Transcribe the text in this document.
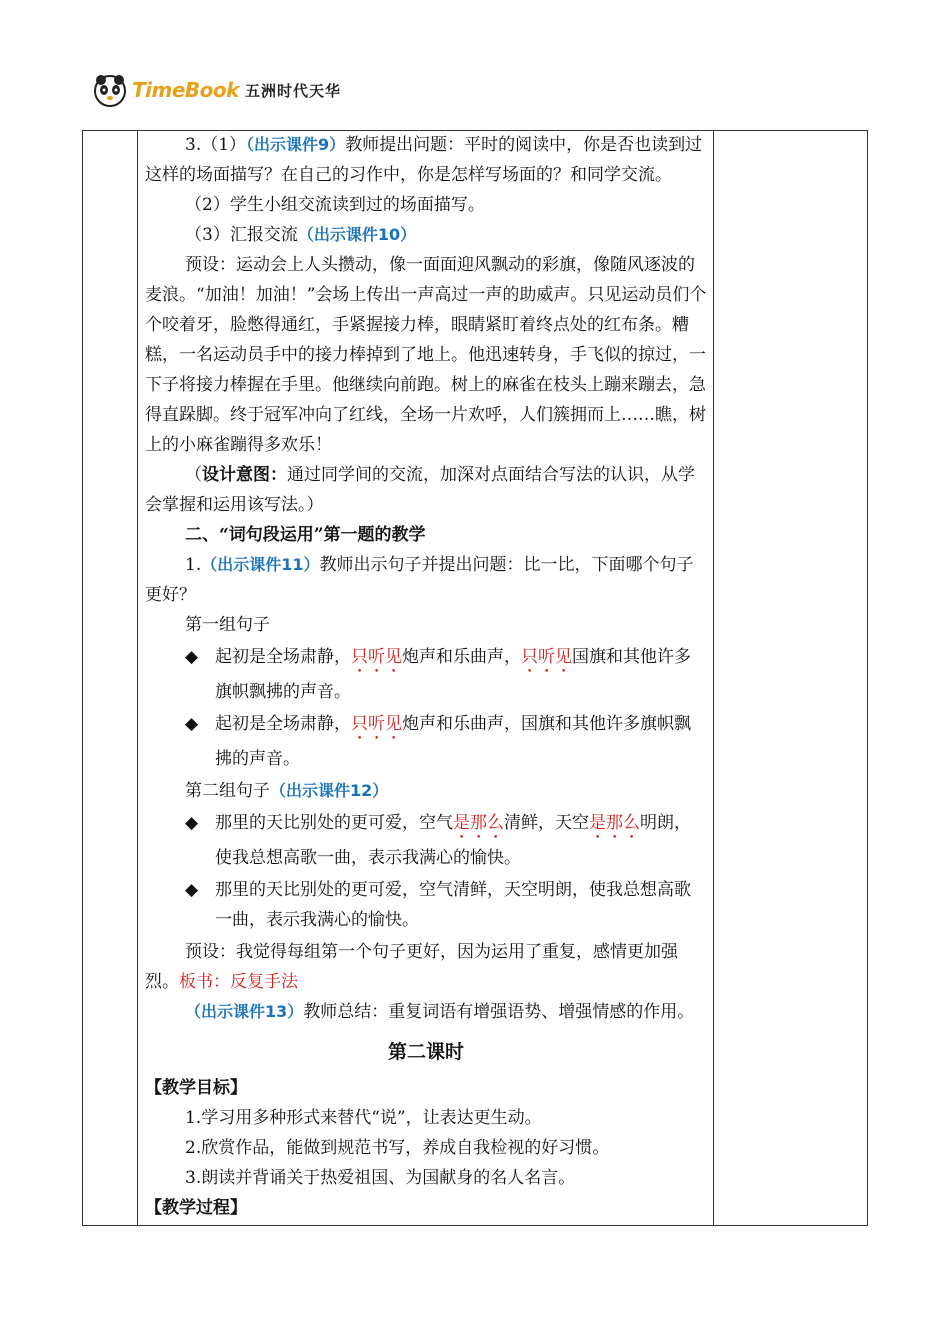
TimeBook 五洲时代天华

3.（1）（出示课件9）教师提出问题：平时的阅读中，你是否也读到过这样的场面描写？在自己的习作中，你是怎样写场面的？和同学交流。

（2）学生小组交流读到过的场面描写。

（3）汇报交流（出示课件10）

预设：运动会上人头攒动，像一面面迎风飘动的彩旗，像随风逐波的麦浪。“加油！加油！”会场上传出一声高过一声的助威声。只见运动员们个个咬着牙，脸憋得通红，手紧握接力棒，眼睛紧盯着终点处的红布条。糟糕，一名运动员手中的接力棒掉到了地上。他迅速转身，手飞似的掠过，一下子将接力棒握在手里。他继续向前跑。树上的麻雀在枝头上蹦来蹦去，急得直跺脚。终于冠军冲向了红线，全场一片欢呼，人们簇拥而上……瞧，树上的小麻雀蹦得多欢乐！

（设计意图：通过同学间的交流，加深对点面结合写法的认识，从学会掌握和运用该写法。）

二、“词句段运用”第一题的教学

1.（出示课件11）教师出示句子并提出问题：比一比，下面哪个句子更好？

第一组句子

◆ 起初是全场肃静，只听见炮声和乐曲声，只听见国旗和其他许多旗帜飘拂的声音。
◆ 起初是全场肃静，只听见炮声和乐曲声，国旗和其他许多旗帜飘拂的声音。

第二组句子（出示课件12）

◆ 那里的天比别处的更可爱，空气是那么清鲜，天空是那么明朗，使我总想高歌一曲，表示我满心的愉快。
◆ 那里的天比别处的更可爱，空气清鲜，天空明朗，使我总想高歌一曲，表示我满心的愉快。

预设：我觉得每组第一个句子更好，因为运用了重复，感情更加强烈。板书：反复手法

（出示课件13）教师总结：重复词语有增强语势、增强情感的作用。

第二课时

【教学目标】

1.学习用多种形式来替代“说”，让表达更生动。

2.欣赏作品，能做到规范书写，养成自我检视的好习惯。

3.朗读并背诵关于热爱祖国、为国献身的名人名言。

【教学过程】
